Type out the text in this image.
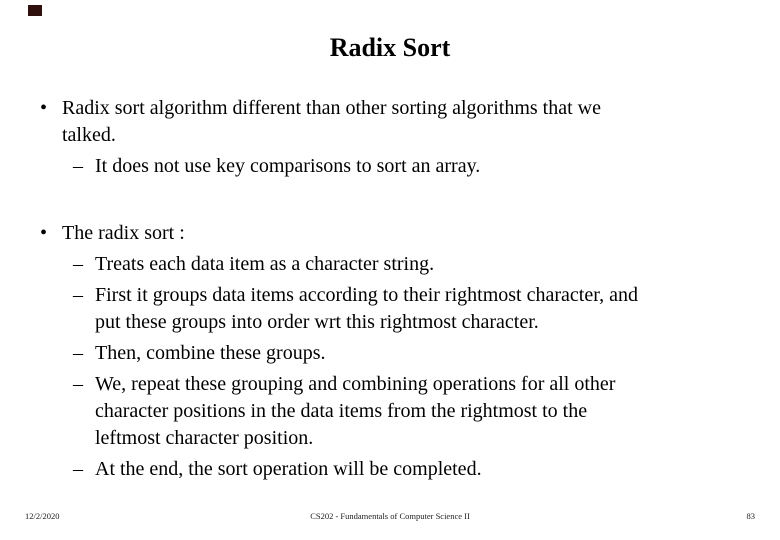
Radix Sort
• Radix sort algorithm different than other sorting algorithms that we
talked.
– It does not use key comparisons to sort an array.
• The radix sort :
– Treats each data item as a character string.
– First it groups data items according to their rightmost character, and
put these groups into order wrt this rightmost character.
– Then, combine these groups.
– We, repeat these grouping and combining operations for all other
character positions in the data items from the rightmost to the
leftmost character position.
– At the end, the sort operation will be completed.
12/2/2020	CS202 - Fundamentals of Computer Science II	83
